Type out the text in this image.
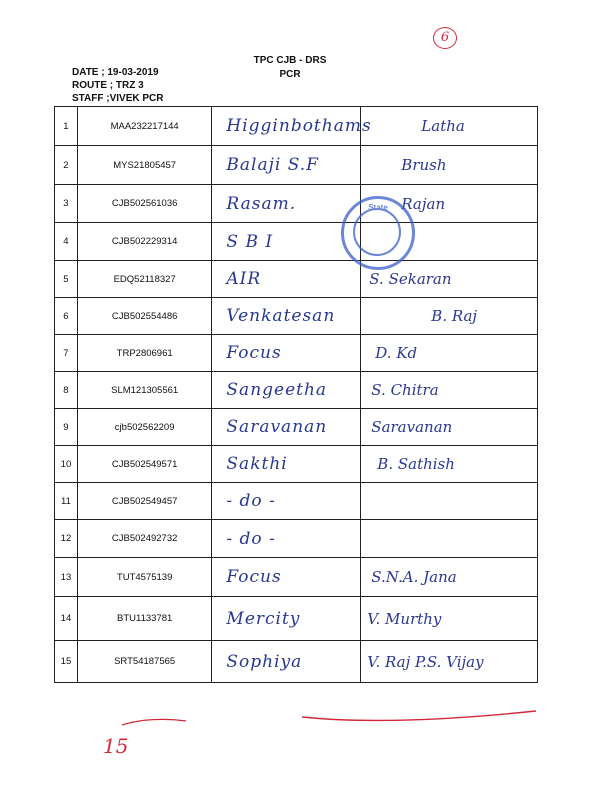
6
TPC CJB - DRS
PCR
DATE ; 19-03-2019
ROUTE ; TRZ 3
STAFF ;VIVEK PCR
1	MAA232217144	Higginbothams	Latha

2	MYS21805457	Balaji S.F	Brush

3	CJB502561036	Rasam.	Rajan

4	CJB502229314	S B I	

5	EDQ52118327	AIR	S. Sekaran

6	CJB502554486	Venkatesan	B. Raj

7	TRP2806961	Focus	D. Kd

8	SLM121305561	Sangeetha	S. Chitra

9	cjb502562209	Saravanan	Saravanan

10	CJB502549571	Sakthi	B. Sathish

11	CJB502549457	- do -	

12	CJB502492732	- do -	

13	TUT4575139	Focus	S.N.A. Jana

14	BTU1133781	Mercity	V. Murthy

15	SRT54187565	Sophiya	V. Raj P.S. Vijay
State
15
